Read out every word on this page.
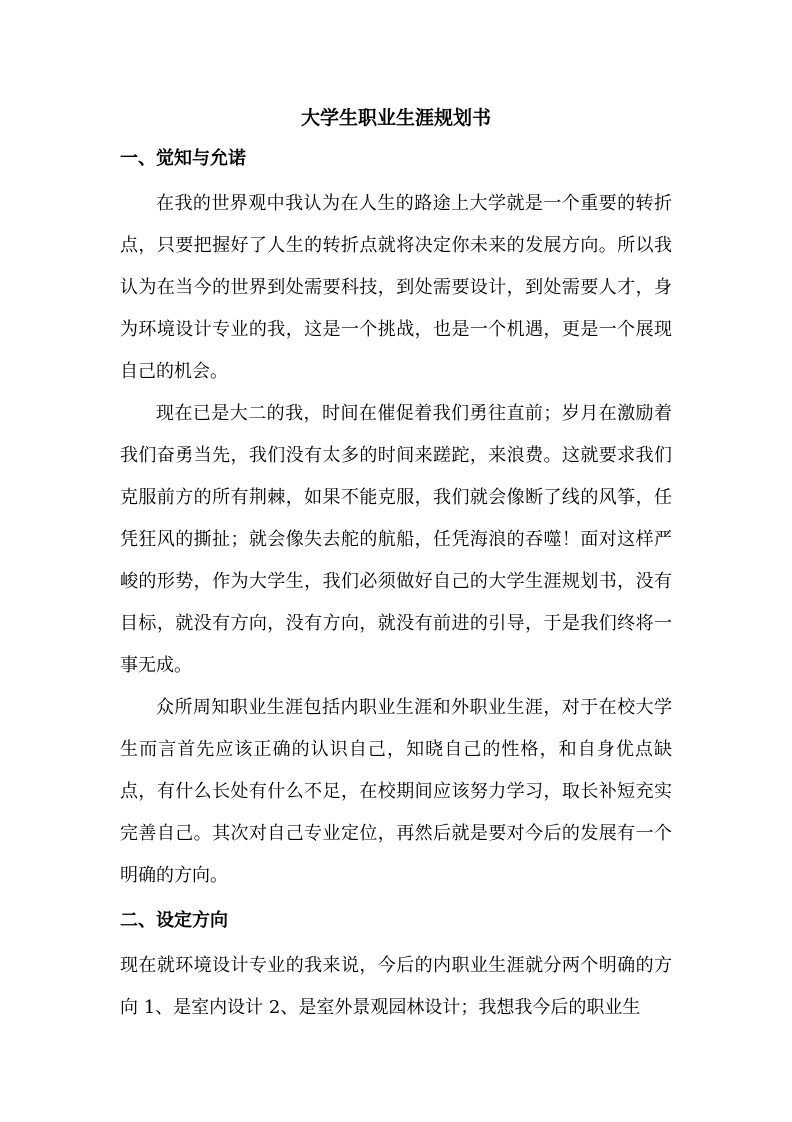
大学生职业生涯规划书
一、觉知与允诺

在我的世界观中我认为在人生的路途上大学就是一个重要的转折点，只要把握好了人生的转折点就将决定你未来的发展方向。所以我认为在当今的世界到处需要科技，到处需要设计，到处需要人才，身为环境设计专业的我，这是一个挑战，也是一个机遇，更是一个展现自己的机会。

现在已是大二的我，时间在催促着我们勇往直前；岁月在激励着我们奋勇当先，我们没有太多的时间来蹉跎，来浪费。这就要求我们克服前方的所有荆棘，如果不能克服，我们就会像断了线的风筝，任凭狂风的撕扯；就会像失去舵的航船，任凭海浪的吞噬！面对这样严峻的形势，作为大学生，我们必须做好自己的大学生涯规划书，没有目标，就没有方向，没有方向，就没有前进的引导，于是我们终将一事无成。

众所周知职业生涯包括内职业生涯和外职业生涯，对于在校大学生而言首先应该正确的认识自己，知晓自己的性格，和自身优点缺点，有什么长处有什么不足，在校期间应该努力学习，取长补短充实完善自己。其次对自己专业定位，再然后就是要对今后的发展有一个明确的方向。

二、设定方向

现在就环境设计专业的我来说，今后的内职业生涯就分两个明确的方向 1、是室内设计 2、是室外景观园林设计；我想我今后的职业生
